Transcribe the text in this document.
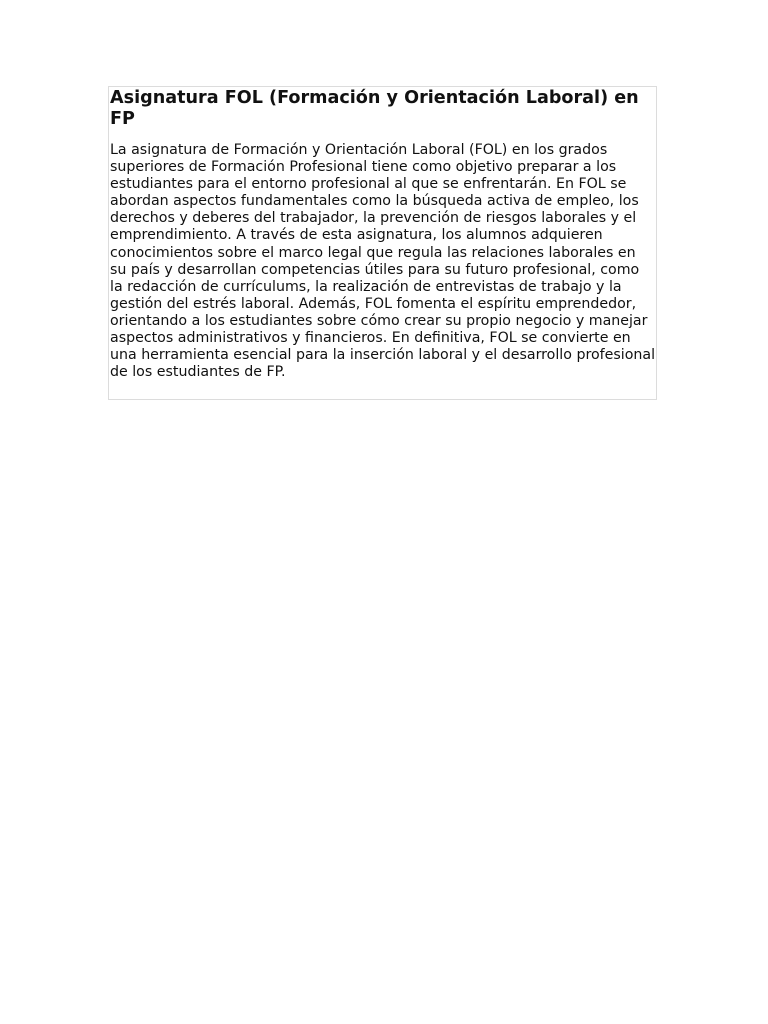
Asignatura FOL (Formación y Orientación Laboral) en FP

La asignatura de Formación y Orientación Laboral (FOL) en los grados superiores de Formación Profesional tiene como objetivo preparar a los estudiantes para el entorno profesional al que se enfrentarán. En FOL se abordan aspectos fundamentales como la búsqueda activa de empleo, los derechos y deberes del trabajador, la prevención de riesgos laborales y el emprendimiento. A través de esta asignatura, los alumnos adquieren conocimientos sobre el marco legal que regula las relaciones laborales en su país y desarrollan competencias útiles para su futuro profesional, como la redacción de currículums, la realización de entrevistas de trabajo y la gestión del estrés laboral. Además, FOL fomenta el espíritu emprendedor, orientando a los estudiantes sobre cómo crear su propio negocio y manejar aspectos administrativos y financieros. En definitiva, FOL se convierte en una herramienta esencial para la inserción laboral y el desarrollo profesional de los estudiantes de FP.
